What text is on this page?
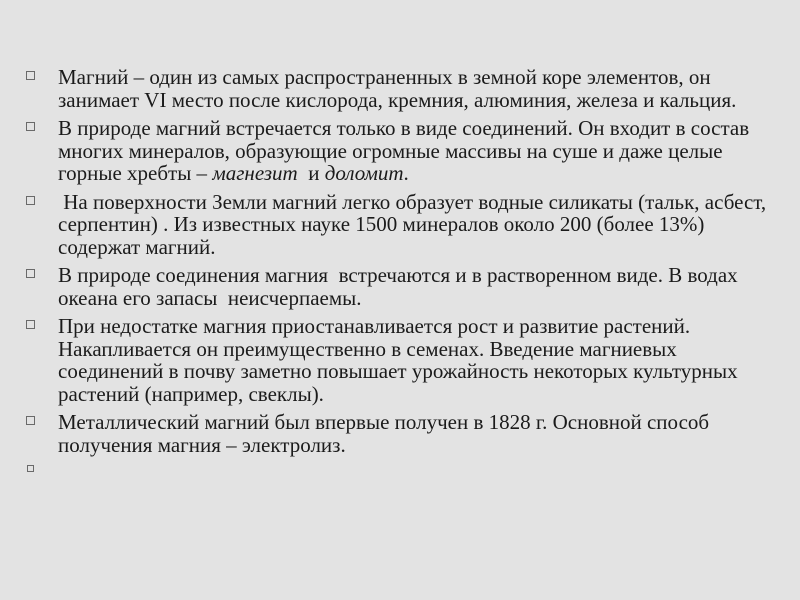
Магний – один из самых распространенных в земной коре элементов, он занимает VI место после кислорода, кремния, алюминия, железа и кальция.
В природе магний встречается только в виде соединений. Он входит в состав многих минералов, образующие огромные массивы на суше и даже целые горные хребты – магнезит  и доломит.
На поверхности Земли магний легко образует водные силикаты (тальк, асбест, серпентин) . Из известных науке 1500 минералов около 200 (более 13%) содержат магний.
В природе соединения магния  встречаются и в растворенном виде. В водах океана его запасы  неисчерпаемы.
При недостатке магния приостанавливается рост и развитие растений. Накапливается он преимущественно в семенах. Введение магниевых соединений в почву заметно повышает урожайность некоторых культурных растений (например, свеклы).
Металлический магний был впервые получен в 1828 г. Основной способ получения магния – электролиз.
